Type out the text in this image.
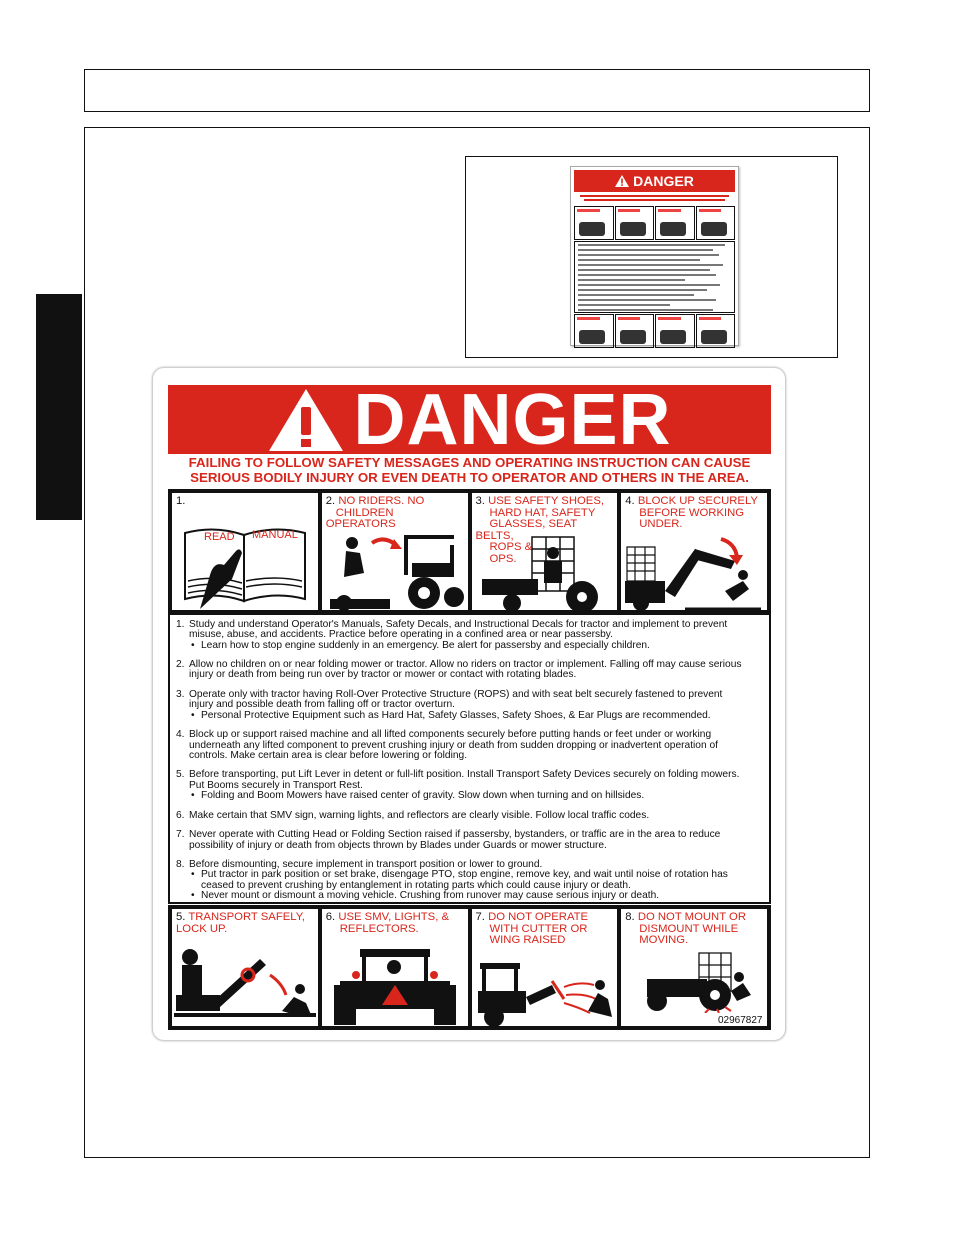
DANGER
DANGER
FAILING TO FOLLOW SAFETY MESSAGES AND OPERATING INSTRUCTION CAN CAUSE
SERIOUS BODILY INJURY OR EVEN DEATH TO OPERATOR AND OTHERS IN THE AREA.
1.
READ MANUAL
2. NO RIDERS. NO
CHILDREN OPERATORS
3. USE SAFETY SHOES,
HARD HAT, SAFETY
GLASSES, SEAT BELTS,
ROPS &
OPS.
4. BLOCK UP SECURELY
BEFORE WORKING
UNDER.
1. Study and understand Operator's Manuals, Safety Decals, and Instructional Decals for tractor and implement to prevent
misuse, abuse, and accidents. Practice before operating in a confined area or near passersby.
• Learn how to stop engine suddenly in an emergency. Be alert for passersby and especially children.
2. Allow no children on or near folding mower or tractor. Allow no riders on tractor or implement. Falling off may cause serious
injury or death from being run over by tractor or mower or contact with rotating blades.
3. Operate only with tractor having Roll-Over Protective Structure (ROPS) and with seat belt securely fastened to prevent
injury and possible death from falling off or tractor overturn.
• Personal Protective Equipment such as Hard Hat, Safety Glasses, Safety Shoes, & Ear Plugs are recommended.
4. Block up or support raised machine and all lifted components securely before putting hands or feet under or working
underneath any lifted component to prevent crushing injury or death from sudden dropping or inadvertent operation of
controls. Make certain area is clear before lowering or folding.
5. Before transporting, put Lift Lever in detent or full-lift position. Install Transport Safety Devices securely on folding mowers.
Put Booms securely in Transport Rest.
• Folding and Boom Mowers have raised center of gravity. Slow down when turning and on hillsides.
6. Make certain that SMV sign, warning lights, and reflectors are clearly visible. Follow local traffic codes.
7. Never operate with Cutting Head or Folding Section raised if passersby, bystanders, or traffic are in the area to reduce
possibility of injury or death from objects thrown by Blades under Guards or mower structure.
8. Before dismounting, secure implement in transport position or lower to ground.
• Put tractor in park position or set brake, disengage PTO, stop engine, remove key, and wait until noise of rotation has ceased to prevent crushing by entanglement in rotating parts which could cause injury or death.
• Never mount or dismount a moving vehicle. Crushing from runover may cause serious injury or death.
5. TRANSPORT SAFELY,
LOCK UP.
6. USE SMV, LIGHTS, &
REFLECTORS.
7. DO NOT OPERATE
WITH CUTTER OR
WING RAISED
8. DO NOT MOUNT OR
DISMOUNT WHILE
MOVING.
02967827
